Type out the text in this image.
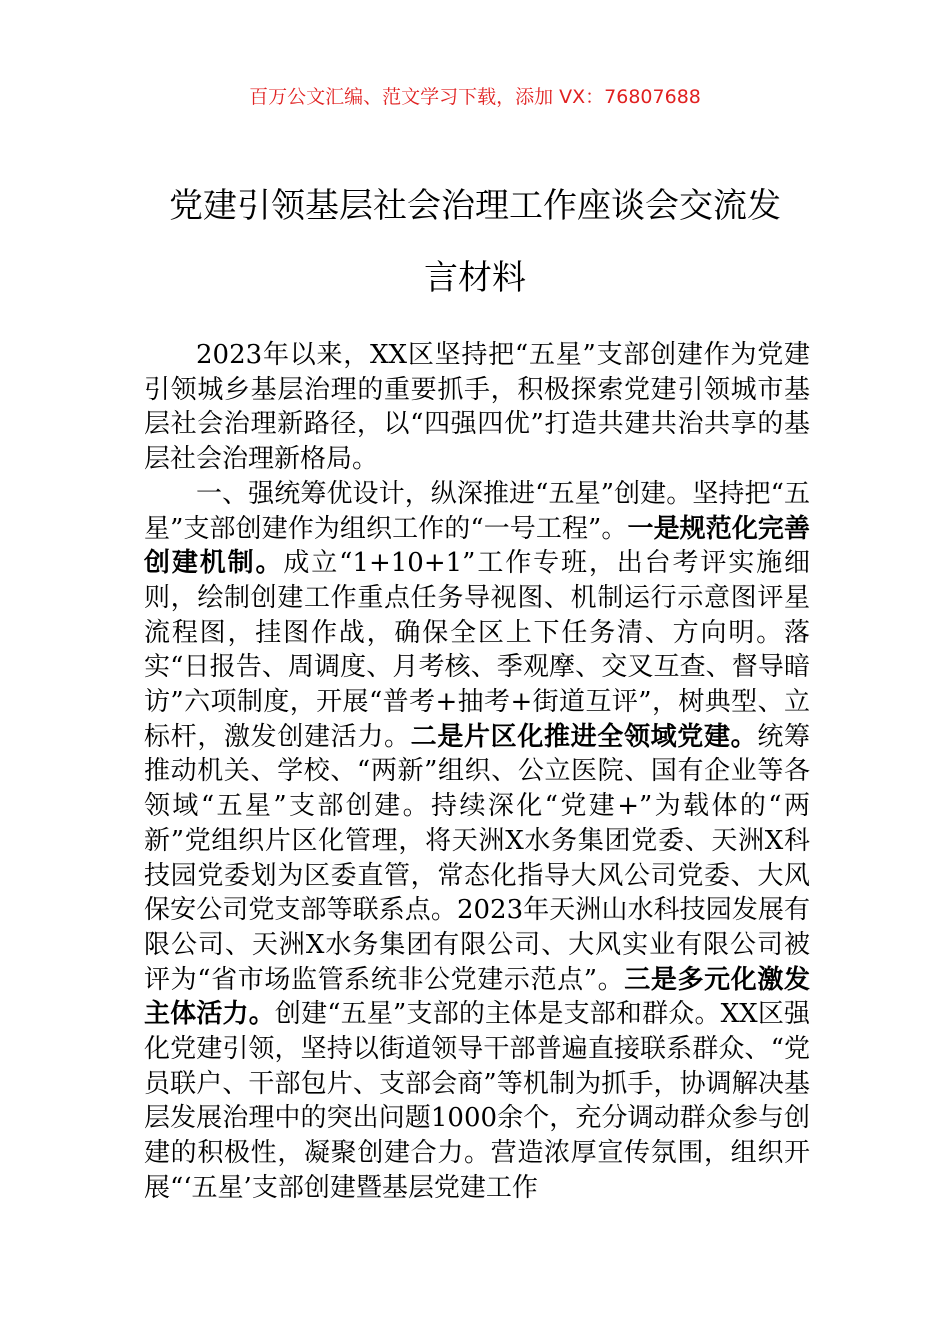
百万公文汇编、范文学习下载，添加 VX：76807688
党建引领基层社会治理工作座谈会交流发
言材料

2023年以来，XX区坚持把“五星”支部创建作为党建引领城乡基层治理的重要抓手，积极探索党建引领城市基层社会治理新路径，以“四强四优”打造共建共治共享的基层社会治理新格局。

一、强统筹优设计，纵深推进“五星”创建。坚持把“五星”支部创建作为组织工作的“一号工程”。一是规范化完善创建机制。成立“1+10+1”工作专班，出台考评实施细则，绘制创建工作重点任务导视图、机制运行示意图评星流程图，挂图作战，确保全区上下任务清、方向明。落实“日报告、周调度、月考核、季观摩、交叉互查、督导暗访”六项制度，开展“普考+抽考+街道互评”，树典型、立标杆，激发创建活力。二是片区化推进全领域党建。统筹推动机关、学校、“两新”组织、公立医院、国有企业等各领域“五星”支部创建。持续深化“党建+”为载体的“两新”党组织片区化管理，将天洲X水务集团党委、天洲X科技园党委划为区委直管，常态化指导大风公司党委、大风保安公司党支部等联系点。2023年天洲山水科技园发展有限公司、天洲X水务集团有限公司、大风实业有限公司被评为“省市场监管系统非公党建示范点”。三是多元化激发主体活力。创建“五星”支部的主体是支部和群众。XX区强化党建引领，坚持以街道领导干部普遍直接联系群众、“党员联户、干部包片、支部会商”等机制为抓手，协调解决基层发展治理中的突出问题1000余个，充分调动群众参与创建的积极性，凝聚创建合力。营造浓厚宣传氛围，组织开展“‘五星’支部创建暨基层党建工作
